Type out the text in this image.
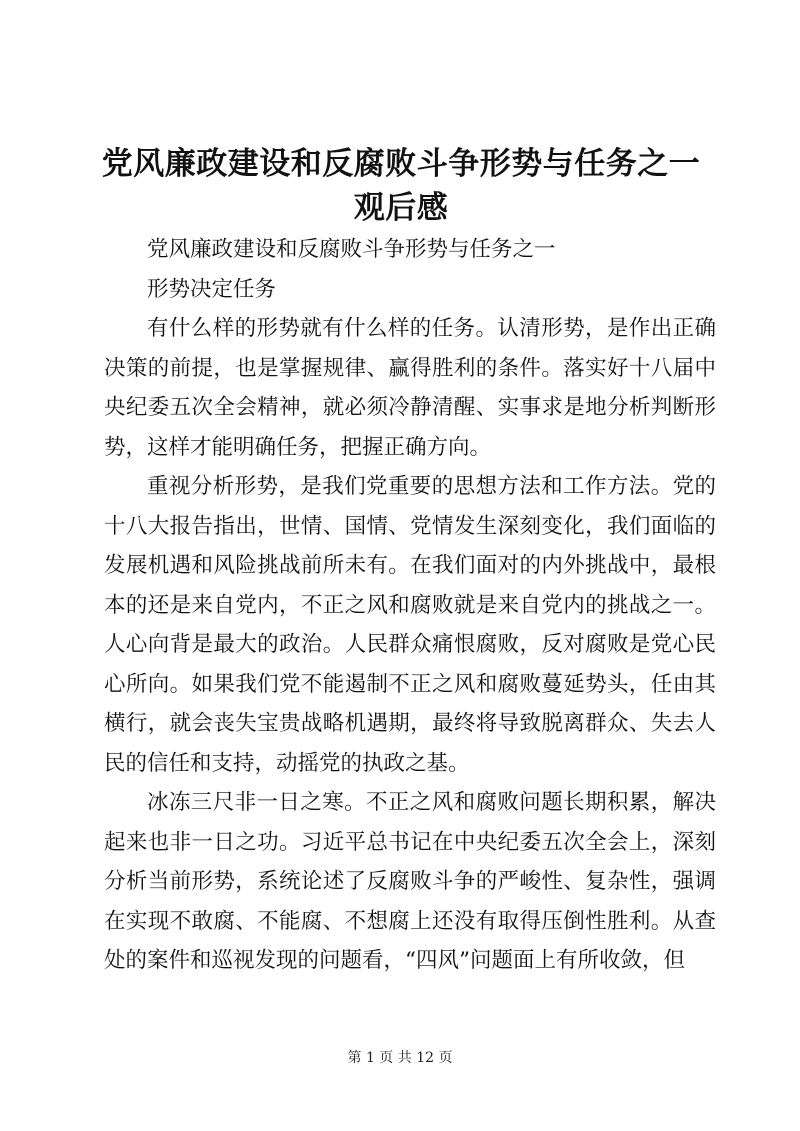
党风廉政建设和反腐败斗争形势与任务之一观后感

党风廉政建设和反腐败斗争形势与任务之一

形势决定任务

有什么样的形势就有什么样的任务。认清形势，是作出正确决策的前提，也是掌握规律、赢得胜利的条件。落实好十八届中央纪委五次全会精神，就必须冷静清醒、实事求是地分析判断形势，这样才能明确任务，把握正确方向。

重视分析形势，是我们党重要的思想方法和工作方法。党的十八大报告指出，世情、国情、党情发生深刻变化，我们面临的发展机遇和风险挑战前所未有。在我们面对的内外挑战中，最根本的还是来自党内，不正之风和腐败就是来自党内的挑战之一。人心向背是最大的政治。人民群众痛恨腐败，反对腐败是党心民心所向。如果我们党不能遏制不正之风和腐败蔓延势头，任由其横行，就会丧失宝贵战略机遇期，最终将导致脱离群众、失去人民的信任和支持，动摇党的执政之基。

冰冻三尺非一日之寒。不正之风和腐败问题长期积累，解决起来也非一日之功。习近平总书记在中央纪委五次全会上，深刻分析当前形势，系统论述了反腐败斗争的严峻性、复杂性，强调在实现不敢腐、不能腐、不想腐上还没有取得压倒性胜利。从查处的案件和巡视发现的问题看，“四风”问题面上有所收敛，但

第 1 页 共 12 页
